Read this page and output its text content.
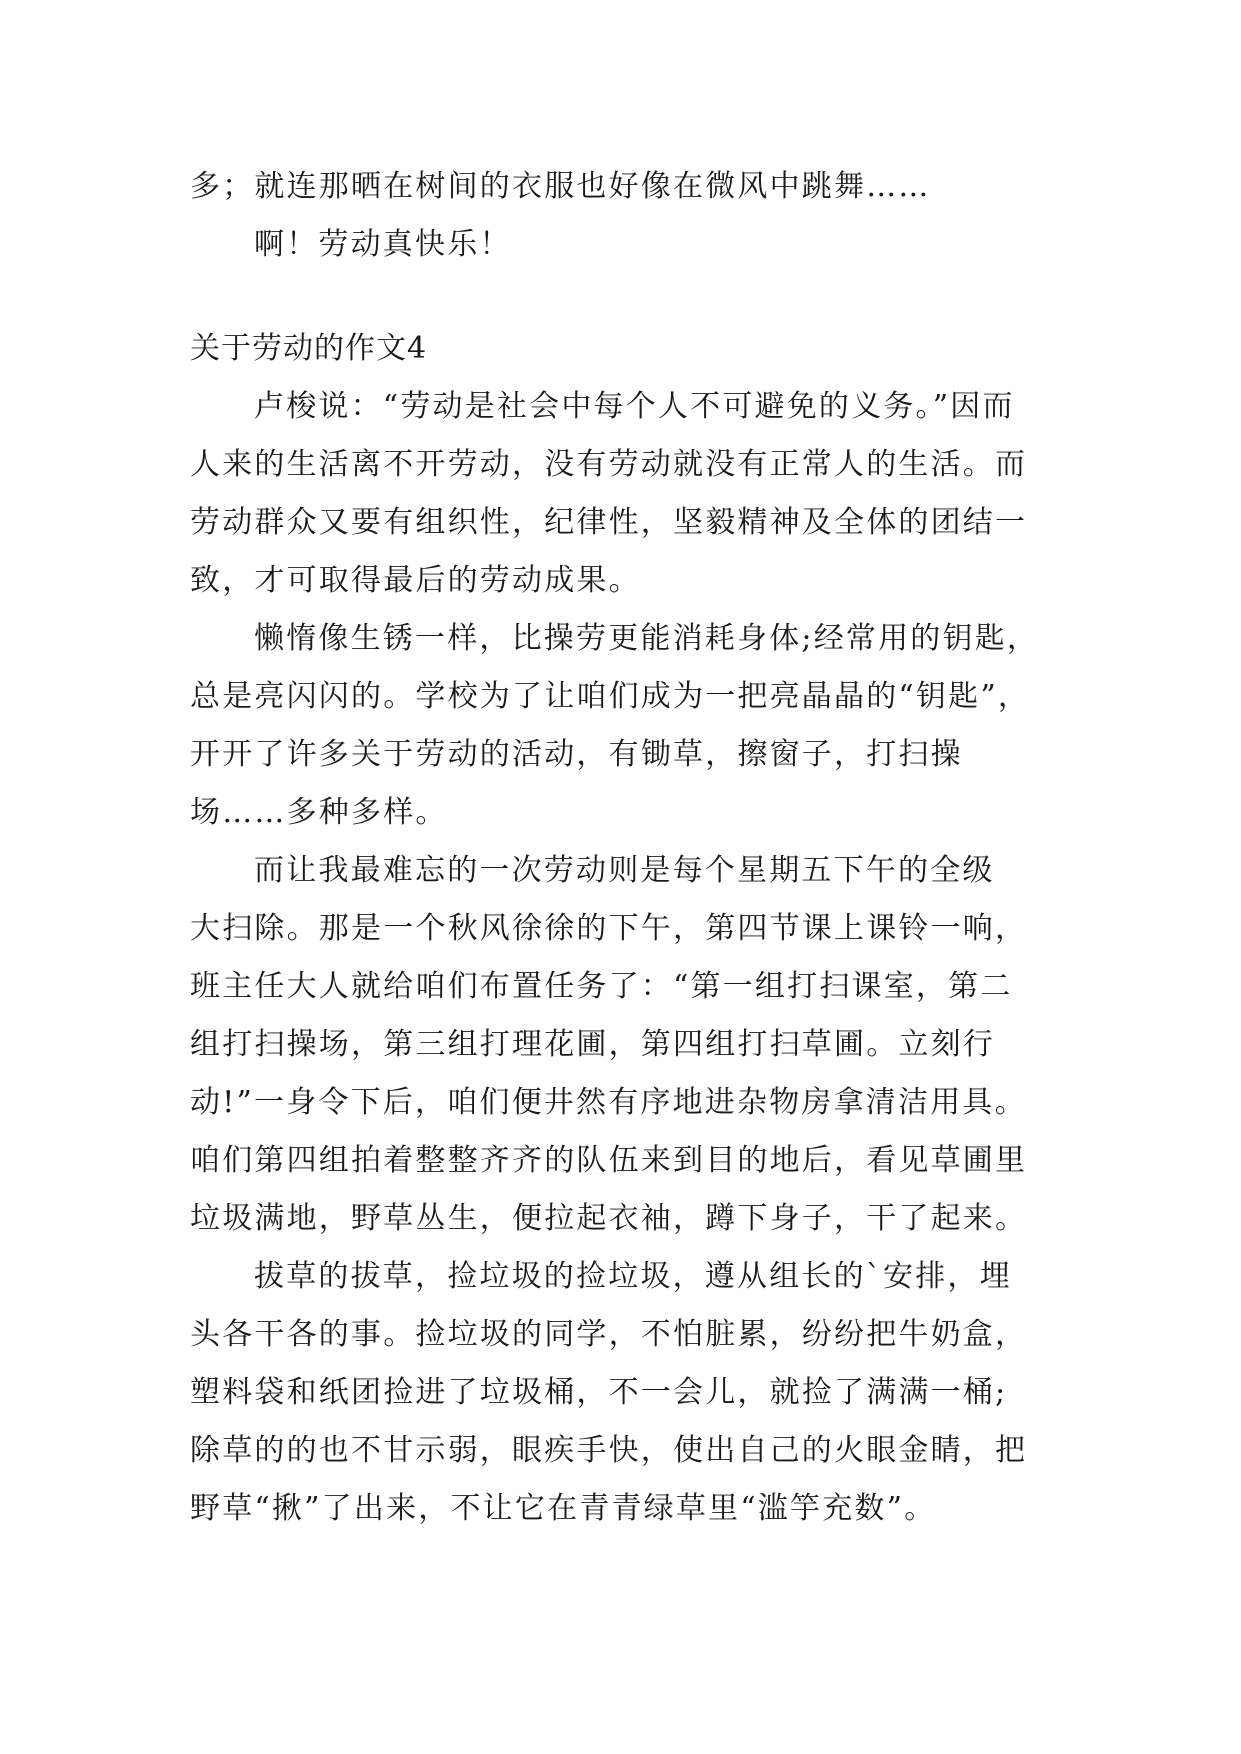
多；就连那晒在树间的衣服也好像在微风中跳舞……
啊！劳动真快乐！
关于劳动的作文4
卢梭说：“劳动是社会中每个人不可避免的义务。”因而
人来的生活离不开劳动，没有劳动就没有正常人的生活。而
劳动群众又要有组织性，纪律性，坚毅精神及全体的团结一
致，才可取得最后的劳动成果。
懒惰像生锈一样，比操劳更能消耗身体;经常用的钥匙，
总是亮闪闪的。学校为了让咱们成为一把亮晶晶的“钥匙”，
开开了许多关于劳动的活动，有锄草，擦窗子，打扫操
场……多种多样。
而让我最难忘的一次劳动则是每个星期五下午的全级
大扫除。那是一个秋风徐徐的下午，第四节课上课铃一响，
班主任大人就给咱们布置任务了：“第一组打扫课室，第二
组打扫操场，第三组打理花圃，第四组打扫草圃。立刻行
动!”一身令下后，咱们便井然有序地进杂物房拿清洁用具。
咱们第四组拍着整整齐齐的队伍来到目的地后，看见草圃里
垃圾满地，野草丛生，便拉起衣袖，蹲下身子，干了起来。
拔草的拔草，捡垃圾的捡垃圾，遵从组长的`安排，埋
头各干各的事。捡垃圾的同学，不怕脏累，纷纷把牛奶盒，
塑料袋和纸团捡进了垃圾桶，不一会儿，就捡了满满一桶;
除草的的也不甘示弱，眼疾手快，使出自己的火眼金睛，把
野草“揪”了出来，不让它在青青绿草里“滥竽充数”。
